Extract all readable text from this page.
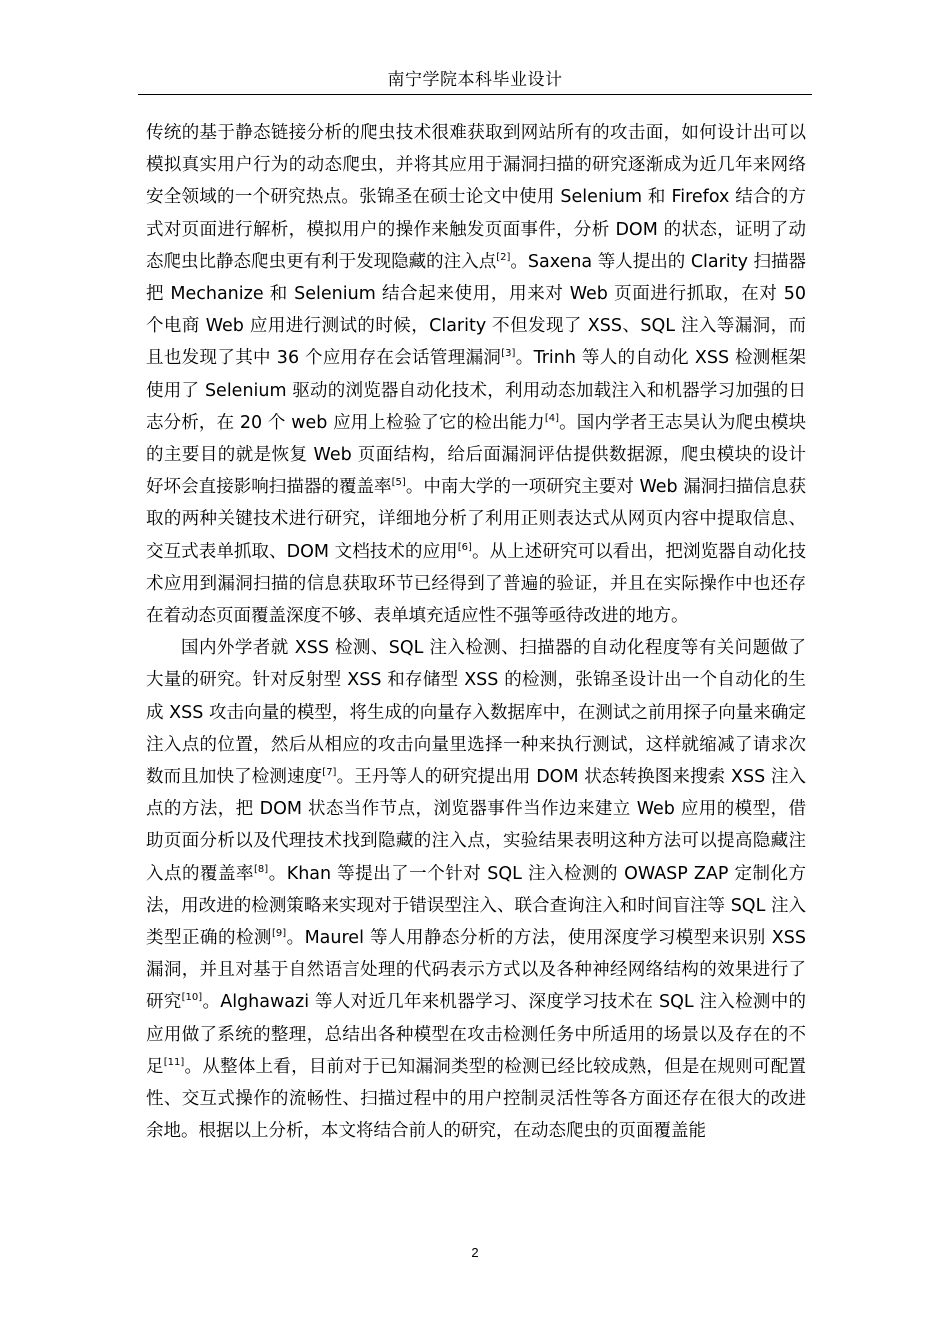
南宁学院本科毕业设计

传统的基于静态链接分析的爬虫技术很难获取到网站所有的攻击面，如何设计出可以模拟真实用户行为的动态爬虫，并将其应用于漏洞扫描的研究逐渐成为近几年来网络安全领域的一个研究热点。张锦圣在硕士论文中使用 Selenium 和 Firefox 结合的方式对页面进行解析，模拟用户的操作来触发页面事件，分析 DOM 的状态，证明了动态爬虫比静态爬虫更有利于发现隐藏的注入点[2]。Saxena 等人提出的 Clarity 扫描器把 Mechanize 和 Selenium 结合起来使用，用来对 Web 页面进行抓取，在对 50 个电商 Web 应用进行测试的时候，Clarity 不但发现了 XSS、SQL 注入等漏洞，而且也发现了其中 36 个应用存在会话管理漏洞[3]。Trinh 等人的自动化 XSS 检测框架使用了 Selenium 驱动的浏览器自动化技术，利用动态加载注入和机器学习加强的日志分析，在 20 个 web 应用上检验了它的检出能力[4]。国内学者王志昊认为爬虫模块的主要目的就是恢复 Web 页面结构，给后面漏洞评估提供数据源，爬虫模块的设计好坏会直接影响扫描器的覆盖率[5]。中南大学的一项研究主要对 Web 漏洞扫描信息获取的两种关键技术进行研究，详细地分析了利用正则表达式从网页内容中提取信息、交互式表单抓取、DOM 文档技术的应用[6]。从上述研究可以看出，把浏览器自动化技术应用到漏洞扫描的信息获取环节已经得到了普遍的验证，并且在实际操作中也还存在着动态页面覆盖深度不够、表单填充适应性不强等亟待改进的地方。

国内外学者就 XSS 检测、SQL 注入检测、扫描器的自动化程度等有关问题做了大量的研究。针对反射型 XSS 和存储型 XSS 的检测，张锦圣设计出一个自动化的生成 XSS 攻击向量的模型，将生成的向量存入数据库中，在测试之前用探子向量来确定注入点的位置，然后从相应的攻击向量里选择一种来执行测试，这样就缩减了请求次数而且加快了检测速度[7]。王丹等人的研究提出用 DOM 状态转换图来搜索 XSS 注入点的方法，把 DOM 状态当作节点，浏览器事件当作边来建立 Web 应用的模型，借助页面分析以及代理技术找到隐藏的注入点，实验结果表明这种方法可以提高隐藏注入点的覆盖率[8]。Khan 等提出了一个针对 SQL 注入检测的 OWASP ZAP 定制化方法，用改进的检测策略来实现对于错误型注入、联合查询注入和时间盲注等 SQL 注入类型正确的检测[9]。Maurel 等人用静态分析的方法，使用深度学习模型来识别 XSS 漏洞，并且对基于自然语言处理的代码表示方式以及各种神经网络结构的效果进行了研究[10]。Alghawazi 等人对近几年来机器学习、深度学习技术在 SQL 注入检测中的应用做了系统的整理，总结出各种模型在攻击检测任务中所适用的场景以及存在的不足[11]。从整体上看，目前对于已知漏洞类型的检测已经比较成熟，但是在规则可配置性、交互式操作的流畅性、扫描过程中的用户控制灵活性等各方面还存在很大的改进余地。根据以上分析，本文将结合前人的研究，在动态爬虫的页面覆盖能

2
